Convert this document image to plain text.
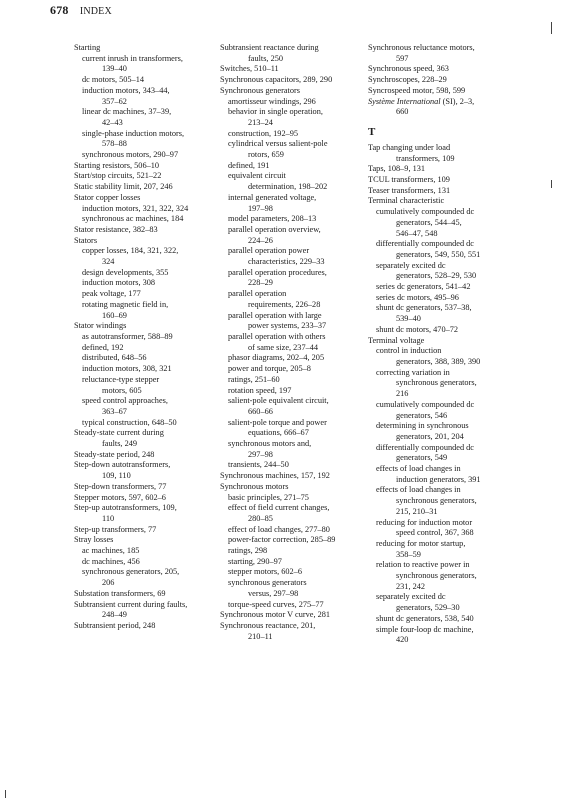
678 INDEX
Starting
current inrush in transformers,
139–40
dc motors, 505–14
induction motors, 343–44,
357–62
linear dc machines, 37–39,
42–43
single-phase induction motors,
578–88
synchronous motors, 290–97
Starting resistors, 506–10
Start/stop circuits, 521–22
Static stability limit, 207, 246
Stator copper losses
induction motors, 321, 322, 324
synchronous ac machines, 184
Stator resistance, 382–83
Stators
copper losses, 184, 321, 322,
324
design developments, 355
induction motors, 308
peak voltage, 177
rotating magnetic field in,
160–69
Stator windings
as autotransformer, 588–89
defined, 192
distributed, 648–56
induction motors, 308, 321
reluctance-type stepper
motors, 605
speed control approaches,
363–67
typical construction, 648–50
Steady-state current during
faults, 249
Steady-state period, 248
Step-down autotransformers,
109, 110
Step-down transformers, 77
Stepper motors, 597, 602–6
Step-up autotransformers, 109,
110
Step-up transformers, 77
Stray losses
ac machines, 185
dc machines, 456
synchronous generators, 205,
206
Substation transformers, 69
Subtransient current during faults,
248–49
Subtransient period, 248
Subtransient reactance during
faults, 250
Switches, 510–11
Synchronous capacitors, 289, 290
Synchronous generators
amortisseur windings, 296
behavior in single operation,
213–24
construction, 192–95
cylindrical versus salient-pole
rotors, 659
defined, 191
equivalent circuit
determination, 198–202
internal generated voltage,
197–98
model parameters, 208–13
parallel operation overview,
224–26
parallel operation power
characteristics, 229–33
parallel operation procedures,
228–29
parallel operation
requirements, 226–28
parallel operation with large
power systems, 233–37
parallel operation with others
of same size, 237–44
phasor diagrams, 202–4, 205
power and torque, 205–8
ratings, 251–60
rotation speed, 197
salient-pole equivalent circuit,
660–66
salient-pole torque and power
equations, 666–67
synchronous motors and,
297–98
transients, 244–50
Synchronous machines, 157, 192
Synchronous motors
basic principles, 271–75
effect of field current changes,
280–85
effect of load changes, 277–80
power-factor correction, 285–89
ratings, 298
starting, 290–97
stepper motors, 602–6
synchronous generators
versus, 297–98
torque-speed curves, 275–77
Synchronous motor V curve, 281
Synchronous reactance, 201,
210–11
Synchronous reluctance motors,
597
Synchronous speed, 363
Synchroscopes, 228–29
Syncrospeed motor, 598, 599
Système International (SI), 2–3,
660
T
Tap changing under load
transformers, 109
Taps, 108–9, 131
TCUL transformers, 109
Teaser transformers, 131
Terminal characteristic
cumulatively compounded dc
generators, 544–45,
546–47, 548
differentially compounded dc
generators, 549, 550, 551
separately excited dc
generators, 528–29, 530
series dc generators, 541–42
series dc motors, 495–96
shunt dc generators, 537–38,
539–40
shunt dc motors, 470–72
Terminal voltage
control in induction
generators, 388, 389, 390
correcting variation in
synchronous generators,
216
cumulatively compounded dc
generators, 546
determining in synchronous
generators, 201, 204
differentially compounded dc
generators, 549
effects of load changes in
induction generators, 391
effects of load changes in
synchronous generators,
215, 210–31
reducing for induction motor
speed control, 367, 368
reducing for motor startup,
358–59
relation to reactive power in
synchronous generators,
231, 242
separately excited dc
generators, 529–30
shunt dc generators, 538, 540
simple four-loop dc machine,
420
